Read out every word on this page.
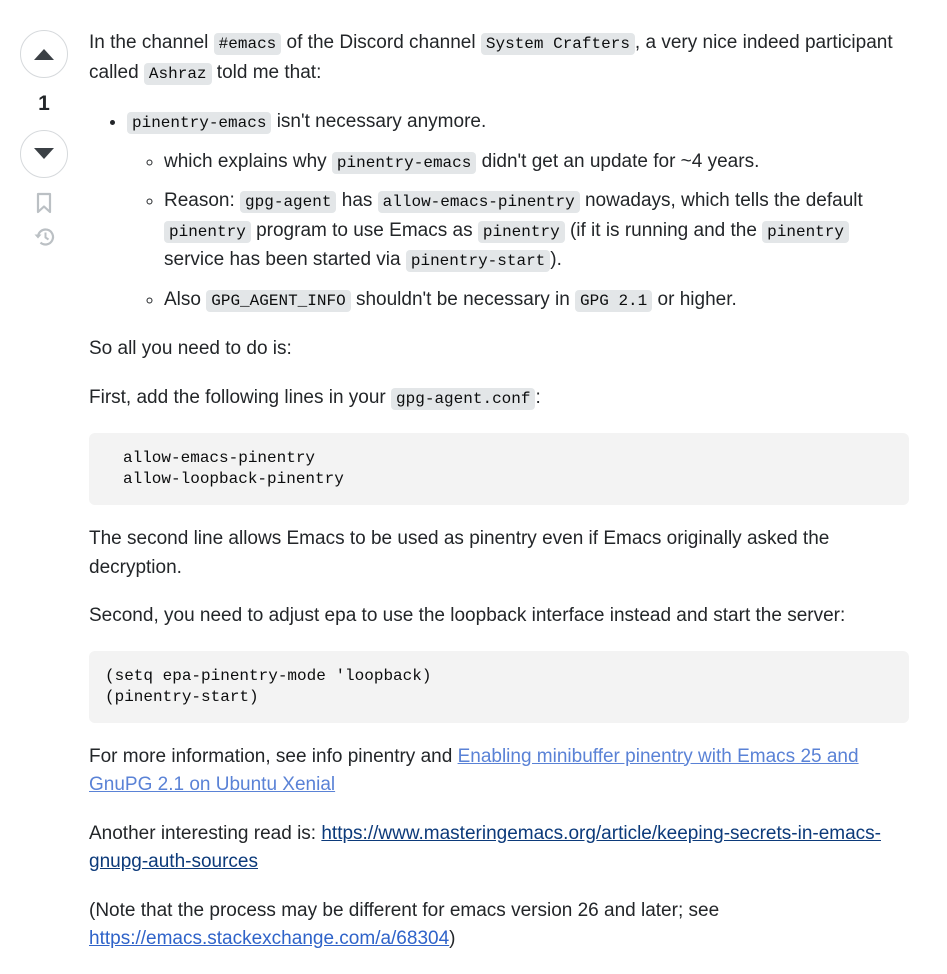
1

In the channel #emacs of the Discord channel System Crafters , a very nice indeed participant called Ashraz told me that:

• pinentry-emacs isn't necessary anymore.
◦ which explains why pinentry-emacs didn't get an update for ~4 years.
◦ Reason: gpg-agent has allow-emacs-pinentry nowadays, which tells the default pinentry program to use Emacs as pinentry (if it is running and the pinentry service has been started via pinentry-start ).
◦ Also GPG_AGENT_INFO shouldn't be necessary in GPG 2.1 or higher.

So all you need to do is:

First, add the following lines in your gpg-agent.conf :

allow-emacs-pinentry
allow-loopback-pinentry

The second line allows Emacs to be used as pinentry even if Emacs originally asked the decryption.

Second, you need to adjust epa to use the loopback interface instead and start the server:

(setq epa-pinentry-mode 'loopback)
(pinentry-start)

For more information, see info pinentry and Enabling minibuffer pinentry with Emacs 25 and GnuPG 2.1 on Ubuntu Xenial

Another interesting read is: https://www.masteringemacs.org/article/keeping-secrets-in-emacs-gnupg-auth-sources

(Note that the process may be different for emacs version 26 and later; see https://emacs.stackexchange.com/a/68304)
